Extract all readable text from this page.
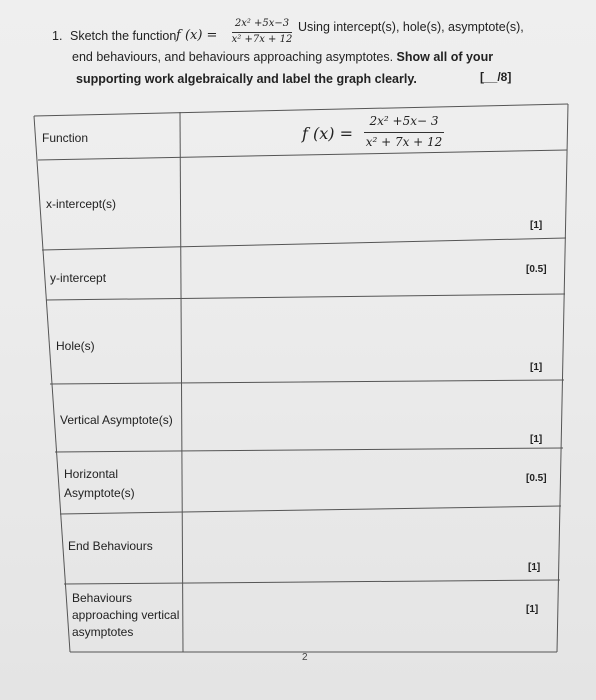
1. Sketch the function f (x) =
2x² +5x−3
x² +7x + 12
Using intercept(s), hole(s), asymptote(s),
end behaviours, and behaviours approaching asymptotes. Show all of your
supporting work algebraically and label the graph clearly.	[__/8]
Function	f (x) =
2x² +5x− 3
x² + 7x + 12
x-intercept(s)
[1]
y-intercept
[0.5]
Hole(s)
[1]
Vertical Asymptote(s)
[1]
Horizontal
Asymptote(s)
[0.5]
End Behaviours
[1]
Behaviours
approaching vertical
asymptotes
[1]
2
